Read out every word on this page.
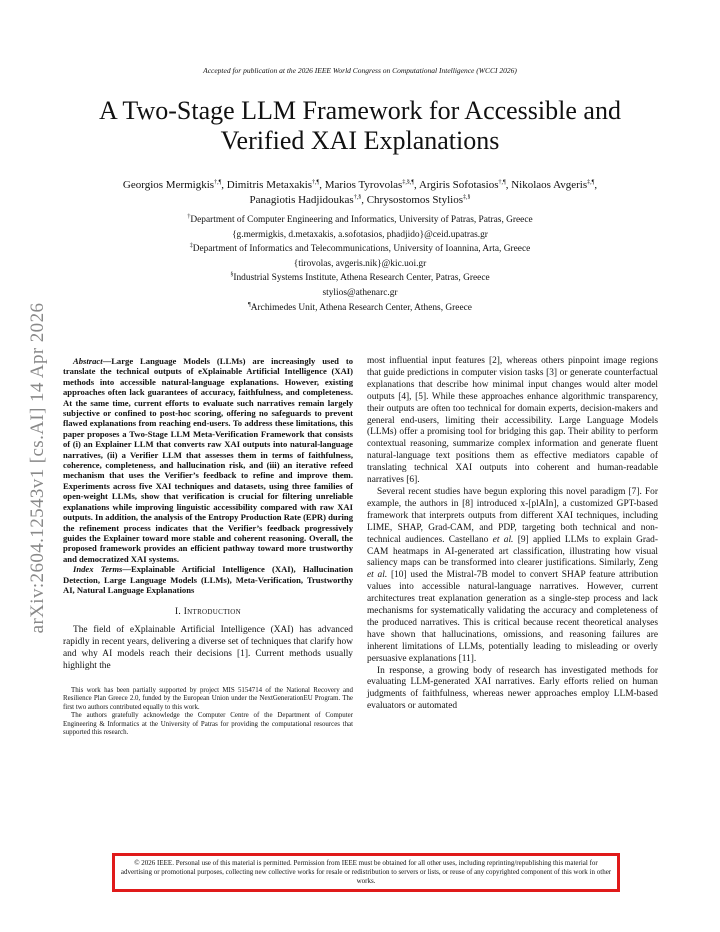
Accepted for publication at the 2026 IEEE World Congress on Computational Intelligence (WCCI 2026)
A Two-Stage LLM Framework for Accessible and
Verified XAI Explanations
Georgios Mermigkis†,¶, Dimitris Metaxakis†,¶, Marios Tyrovolas‡,§,¶, Argiris Sofotasios†,¶, Nikolaos Avgeris‡,¶,
Panagiotis Hadjidoukas†,§, Chrysostomos Stylios‡,§
†Department of Computer Engineering and Informatics, University of Patras, Patras, Greece
{g.mermigkis, d.metaxakis, a.sofotasios, phadjido}@ceid.upatras.gr
‡Department of Informatics and Telecommunications, University of Ioannina, Arta, Greece
{tirovolas, avgeris.nik}@kic.uoi.gr
§Industrial Systems Institute, Athena Research Center, Patras, Greece
stylios@athenarc.gr
¶Archimedes Unit, Athena Research Center, Athens, Greece
arXiv:2604.12543v1 [cs.AI] 14 Apr 2026	Abstract—Large Language Models (LLMs) are increasingly used to translate the technical outputs of eXplainable Artificial Intelligence (XAI) methods into accessible natural-language explanations. However, existing approaches often lack guarantees of accuracy, faithfulness, and completeness. At the same time, current efforts to evaluate such narratives remain largely subjective or confined to post-hoc scoring, offering no safeguards to prevent flawed explanations from reaching end-users. To address these limitations, this paper proposes a Two-Stage LLM Meta-Verification Framework that consists of (i) an Explainer LLM that converts raw XAI outputs into natural-language narratives, (ii) a Verifier LLM that assesses them in terms of faithfulness, coherence, completeness, and hallucination risk, and (iii) an iterative refeed mechanism that uses the Verifier’s feedback to refine and improve them. Experiments across five XAI techniques and datasets, using three families of open-weight LLMs, show that verification is crucial for filtering unreliable explanations while improving linguistic accessibility compared with raw XAI outputs. In addition, the analysis of the Entropy Production Rate (EPR) during the refinement process indicates that the Verifier’s feedback progressively guides the Explainer toward more stable and coherent reasoning. Overall, the proposed framework provides an efficient pathway toward more trustworthy and democratized XAI systems.

Index Terms—Explainable Artificial Intelligence (XAI), Hallucination Detection, Large Language Models (LLMs), Meta-Verification, Trustworthy AI, Natural Language Explanations

I. Introduction

The field of eXplainable Artificial Intelligence (XAI) has advanced rapidly in recent years, delivering a diverse set of techniques that clarify how and why AI models reach their decisions [1]. Current methods usually highlight the

This work has been partially supported by project MIS 5154714 of the National Recovery and Resilience Plan Greece 2.0, funded by the European Union under the NextGenerationEU Program. The first two authors contributed equally to this work.

The authors gratefully acknowledge the Computer Centre of the Department of Computer Engineering & Informatics at the University of Patras for providing the computational resources that supported this research.

most influential input features [2], whereas others pinpoint image regions that guide predictions in computer vision tasks [3] or generate counterfactual explanations that describe how minimal input changes would alter model outputs [4], [5]. While these approaches enhance algorithmic transparency, their outputs are often too technical for domain experts, decision-makers and general end-users, limiting their accessibility. Large Language Models (LLMs) offer a promising tool for bridging this gap. Their ability to perform contextual reasoning, summarize complex information and generate fluent natural-language text positions them as effective mediators capable of translating technical XAI outputs into coherent and human-readable narratives [6].

Several recent studies have begun exploring this novel paradigm [7]. For example, the authors in [8] introduced x-[plAIn], a customized GPT-based framework that interprets outputs from different XAI techniques, including LIME, SHAP, Grad-CAM, and PDP, targeting both technical and non-technical audiences. Castellano et al. [9] applied LLMs to explain Grad-CAM heatmaps in AI-generated art classification, illustrating how visual saliency maps can be transformed into clearer justifications. Similarly, Zeng et al. [10] used the Mistral-7B model to convert SHAP feature attribution values into accessible natural-language narratives. However, current architectures treat explanation generation as a single-step process and lack mechanisms for systematically validating the accuracy and completeness of the produced narratives. This is critical because recent theoretical analyses have shown that hallucinations, omissions, and reasoning failures are inherent limitations of LLMs, potentially leading to misleading or overly persuasive explanations [11].

In response, a growing body of research has investigated methods for evaluating LLM-generated XAI narratives. Early efforts relied on human judgments of faithfulness, whereas newer approaches employ LLM-based evaluators or automated

© 2026 IEEE. Personal use of this material is permitted. Permission from IEEE must be obtained for all other uses, including reprinting/republishing this material for advertising or promotional purposes, collecting new collective works for resale or redistribution to servers or lists, or reuse of any copyrighted component of this work in other works.
